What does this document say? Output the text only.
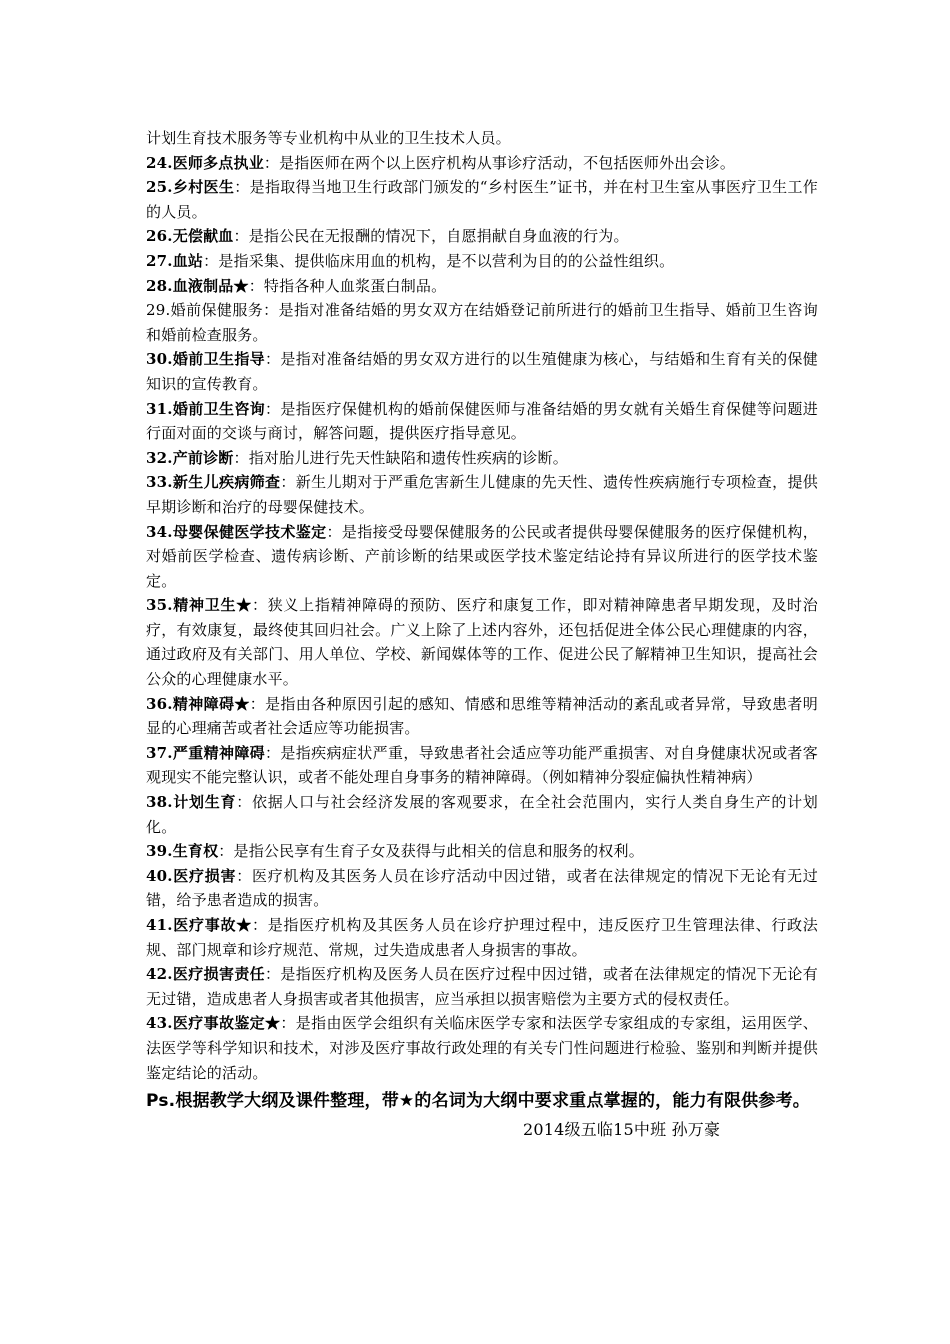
计划生育技术服务等专业机构中从业的卫生技术人员。

24.医师多点执业：是指医师在两个以上医疗机构从事诊疗活动，不包括医师外出会诊。

25.乡村医生：是指取得当地卫生行政部门颁发的“乡村医生”证书，并在村卫生室从事医疗卫生工作的人员。

26.无偿献血：是指公民在无报酬的情况下，自愿捐献自身血液的行为。

27.血站：是指采集、提供临床用血的机构，是不以营利为目的的公益性组织。

28.血液制品★：特指各种人血浆蛋白制品。

29.婚前保健服务：是指对准备结婚的男女双方在结婚登记前所进行的婚前卫生指导、婚前卫生咨询和婚前检查服务。

30.婚前卫生指导：是指对准备结婚的男女双方进行的以生殖健康为核心，与结婚和生育有关的保健知识的宣传教育。

31.婚前卫生咨询：是指医疗保健机构的婚前保健医师与准备结婚的男女就有关婚生育保健等问题进行面对面的交谈与商讨，解答问题，提供医疗指导意见。

32.产前诊断：指对胎儿进行先天性缺陷和遗传性疾病的诊断。

33.新生儿疾病筛查：新生儿期对于严重危害新生儿健康的先天性、遗传性疾病施行专项检查，提供早期诊断和治疗的母婴保健技术。

34.母婴保健医学技术鉴定：是指接受母婴保健服务的公民或者提供母婴保健服务的医疗保健机构，对婚前医学检查、遗传病诊断、产前诊断的结果或医学技术鉴定结论持有异议所进行的医学技术鉴定。

35.精神卫生★：狭义上指精神障碍的预防、医疗和康复工作，即对精神障患者早期发现，及时治疗，有效康复，最终使其回归社会。广义上除了上述内容外，还包括促进全体公民心理健康的内容，通过政府及有关部门、用人单位、学校、新闻媒体等的工作、促进公民了解精神卫生知识，提高社会公众的心理健康水平。

36.精神障碍★：是指由各种原因引起的感知、情感和思维等精神活动的紊乱或者异常，导致患者明显的心理痛苦或者社会适应等功能损害。

37.严重精神障碍：是指疾病症状严重，导致患者社会适应等功能严重损害、对自身健康状况或者客观现实不能完整认识，或者不能处理自身事务的精神障碍。（例如精神分裂症偏执性精神病）

38.计划生育：依据人口与社会经济发展的客观要求，在全社会范围内，实行人类自身生产的计划化。

39.生育权：是指公民享有生育子女及获得与此相关的信息和服务的权利。

40.医疗损害：医疗机构及其医务人员在诊疗活动中因过错，或者在法律规定的情况下无论有无过错，给予患者造成的损害。

41.医疗事故★：是指医疗机构及其医务人员在诊疗护理过程中，违反医疗卫生管理法律、行政法规、部门规章和诊疗规范、常规，过失造成患者人身损害的事故。

42.医疗损害责任：是指医疗机构及医务人员在医疗过程中因过错，或者在法律规定的情况下无论有无过错，造成患者人身损害或者其他损害，应当承担以损害赔偿为主要方式的侵权责任。

43.医疗事故鉴定★：是指由医学会组织有关临床医学专家和法医学专家组成的专家组，运用医学、法医学等科学知识和技术，对涉及医疗事故行政处理的有关专门性问题进行检验、鉴别和判断并提供鉴定结论的活动。

Ps.根据教学大纲及课件整理，带★的名词为大纲中要求重点掌握的，能力有限供参考。
2014级五临15中班 孙万豪
